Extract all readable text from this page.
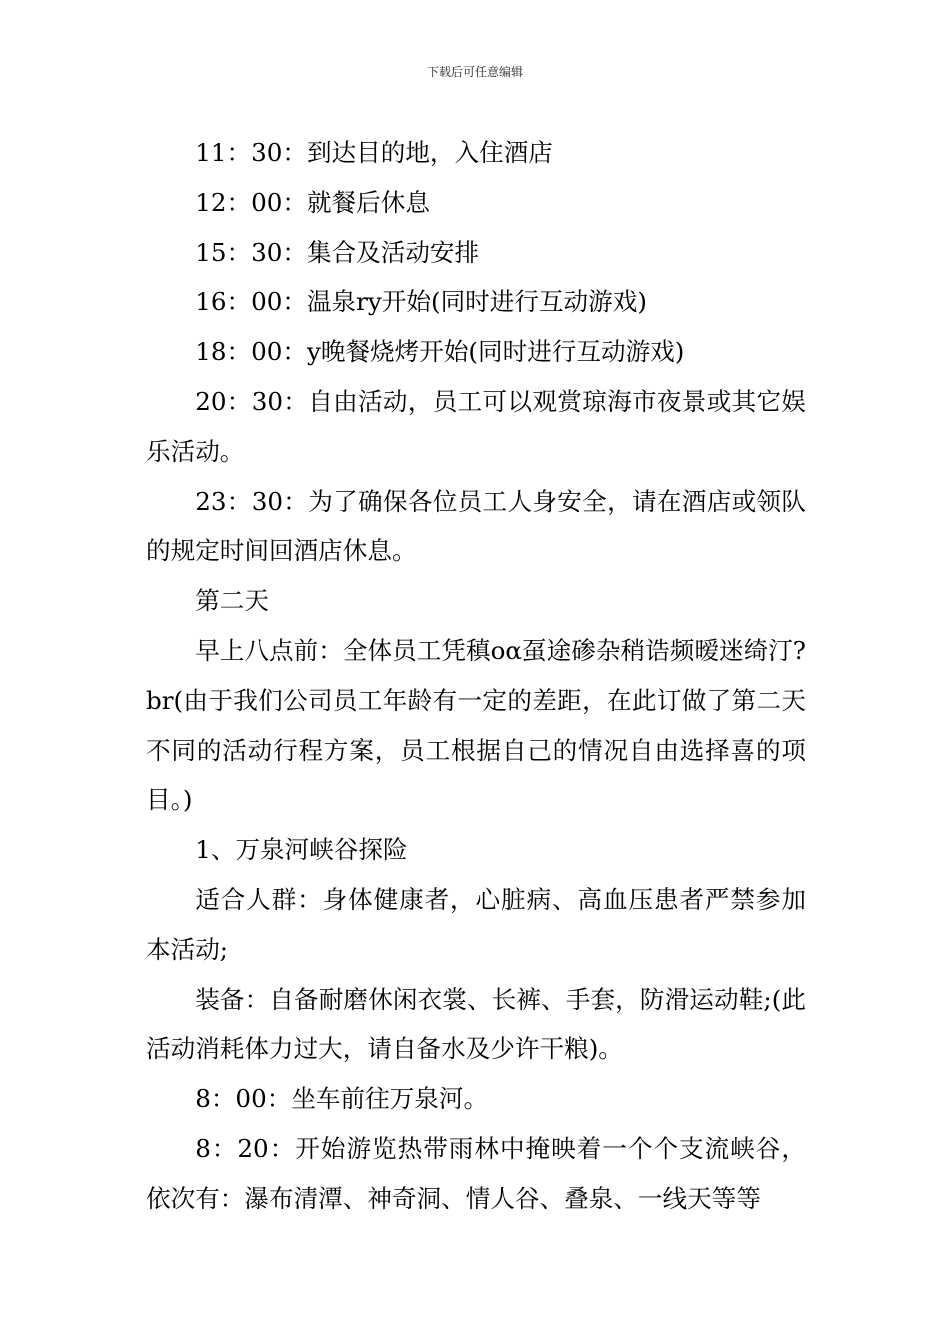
下载后可任意编辑

11：30：到达目的地，入住酒店

12：00：就餐后休息

15：30：集合及活动安排

16：00：温泉ry开始(同时进行互动游戏)

18：00：y晚餐烧烤开始(同时进行互动游戏)

20：30：自由活动，员工可以观赏琼海市夜景或其它娱乐活动。

23：30：为了确保各位员工人身安全，请在酒店或领队的规定时间回酒店休息。

第二天

早上八点前：全体员工凭稹oα虿途碜杂稍诰频暧迷绮汀?br(由于我们公司员工年龄有一定的差距，在此订做了第二天不同的活动行程方案，员工根据自己的情况自由选择喜的项目。)

1、万泉河峡谷探险

适合人群：身体健康者，心脏病、高血压患者严禁参加本活动;

装备：自备耐磨休闲衣裳、长裤、手套，防滑运动鞋;(此活动消耗体力过大，请自备水及少许干粮)。

8：00：坐车前往万泉河。

8：20：开始游览热带雨林中掩映着一个个支流峡谷，依次有：瀑布清潭、神奇洞、情人谷、叠泉、一线天等等
